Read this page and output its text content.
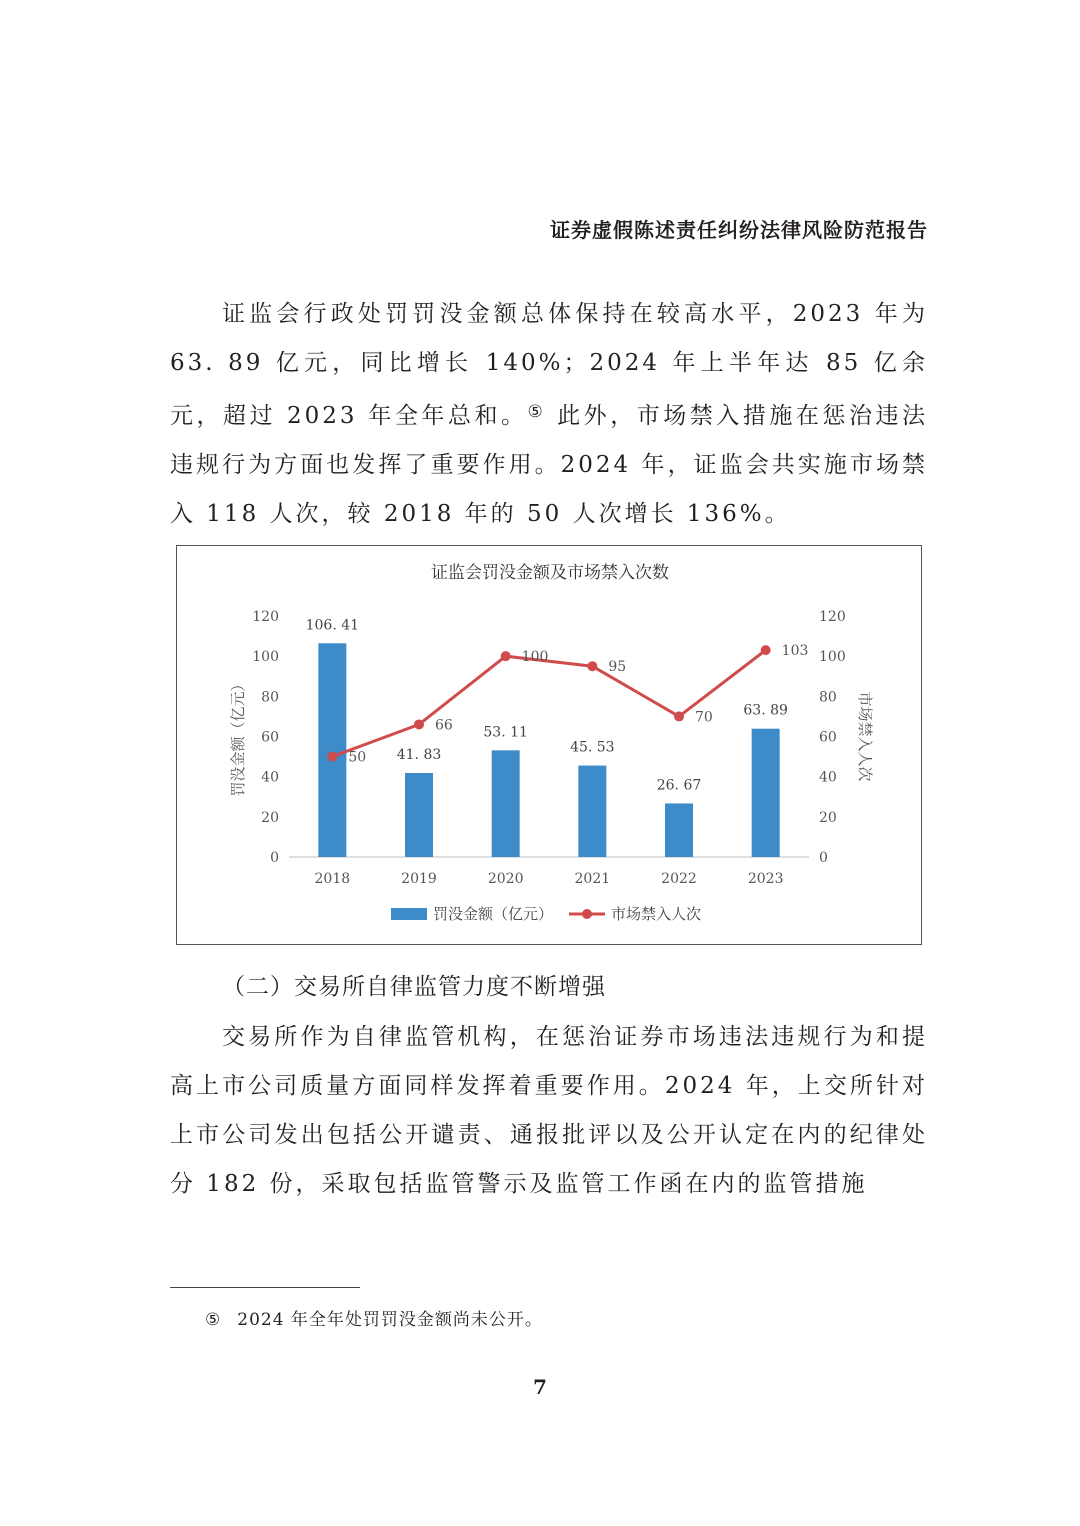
证券虚假陈述责任纠纷法律风险防范报告

证监会行政处罚罚没金额总体保持在较高水平，2023 年为 63. 89 亿元，同比增长 140%；2024 年上半年达 85 亿余元，超过 2023 年全年总和。⑤ 此外，市场禁入措施在惩治违法违规行为方面也发挥了重要作用。2024 年，证监会共实施市场禁入 118 人次，较 2018 年的 50 人次增长 136%。

证监会罚没金额及市场禁入次数
0	0
20	20
40	40
60	60
80	80
100	100
120	120
2018	2019	2020	2021	2022	2023
罚没金额（亿元）	市场禁入人次
106. 41
41. 83
53. 11
45. 53
26. 67
63. 89
50
66
100
95
70
103
罚没金额（亿元）	市场禁入人次
（二）交易所自律监管力度不断增强

交易所作为自律监管机构，在惩治证券市场违法违规行为和提高上市公司质量方面同样发挥着重要作用。2024 年，上交所针对上市公司发出包括公开谴责、通报批评以及公开认定在内的纪律处分 182 份，采取包括监管警示及监管工作函在内的监管措施

⑤ 2024 年全年处罚罚没金额尚未公开。
7
